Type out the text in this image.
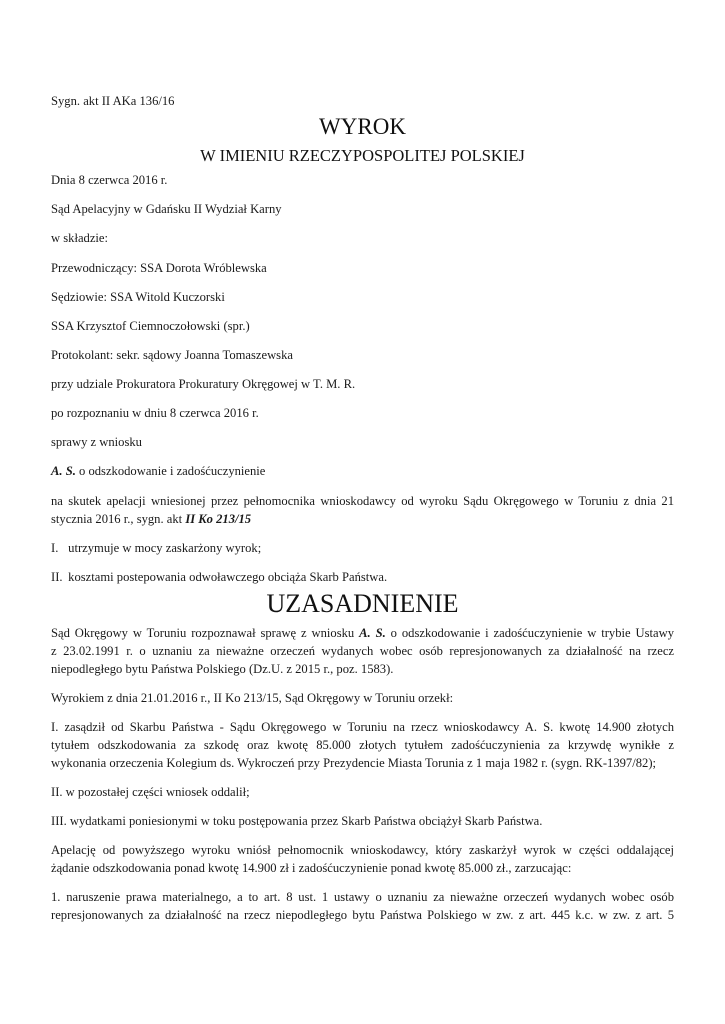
Sygn. akt II AKa 136/16
WYROK
W IMIENIU RZECZYPOSPOLITEJ POLSKIEJ
Dnia 8 czerwca 2016 r.
Sąd Apelacyjny w Gdańsku II Wydział Karny
w składzie:
Przewodniczący: SSA Dorota Wróblewska
Sędziowie: SSA Witold Kuczorski
SSA Krzysztof Ciemnoczołowski (spr.)
Protokolant: sekr. sądowy Joanna Tomaszewska
przy udziale Prokuratora Prokuratury Okręgowej w T. M. R.
po rozpoznaniu w dniu 8 czerwca 2016 r.
sprawy z wniosku
A. S. o odszkodowanie i zadośćuczynienie
na skutek apelacji wniesionej przez pełnomocnika wnioskodawcy od wyroku Sądu Okręgowego w Toruniu z dnia 21
stycznia 2016 r., sygn. akt II Ko 213/15
I. utrzymuje w mocy zaskarżony wyrok;
II. kosztami postepowania odwoławczego obciąża Skarb Państwa.
UZASADNIENIE
Sąd Okręgowy w Toruniu rozpoznawał sprawę z wniosku A. S. o odszkodowanie i zadośćuczynienie w trybie Ustawy
z 23.02.1991 r. o uznaniu za nieważne orzeczeń wydanych wobec osób represjonowanych za działalność na rzecz
niepodległego bytu Państwa Polskiego (Dz.U. z 2015 r., poz. 1583).
Wyrokiem z dnia 21.01.2016 r., II Ko 213/15, Sąd Okręgowy w Toruniu orzekł:
I. zasądził od Skarbu Państwa - Sądu Okręgowego w Toruniu na rzecz wnioskodawcy A. S. kwotę 14.900 złotych
tytułem odszkodowania za szkodę oraz kwotę 85.000 złotych tytułem zadośćuczynienia za krzywdę wynikłe z
wykonania orzeczenia Kolegium ds. Wykroczeń przy Prezydencie Miasta Torunia z 1 maja 1982 r. (sygn. RK-1397/82);
II. w pozostałej części wniosek oddalił;
III. wydatkami poniesionymi w toku postępowania przez Skarb Państwa obciążył Skarb Państwa.
Apelację od powyższego wyroku wniósł pełnomocnik wnioskodawcy, który zaskarżył wyrok w części oddalającej
żądanie odszkodowania ponad kwotę 14.900 zł i zadośćuczynienie ponad kwotę 85.000 zł., zarzucając:
1. naruszenie prawa materialnego, a to art. 8 ust. 1 ustawy o uznaniu za nieważne orzeczeń wydanych wobec osób
represjonowanych za działalność na rzecz niepodległego bytu Państwa Polskiego w zw. z art. 445 k.c. w zw. z art. 5
